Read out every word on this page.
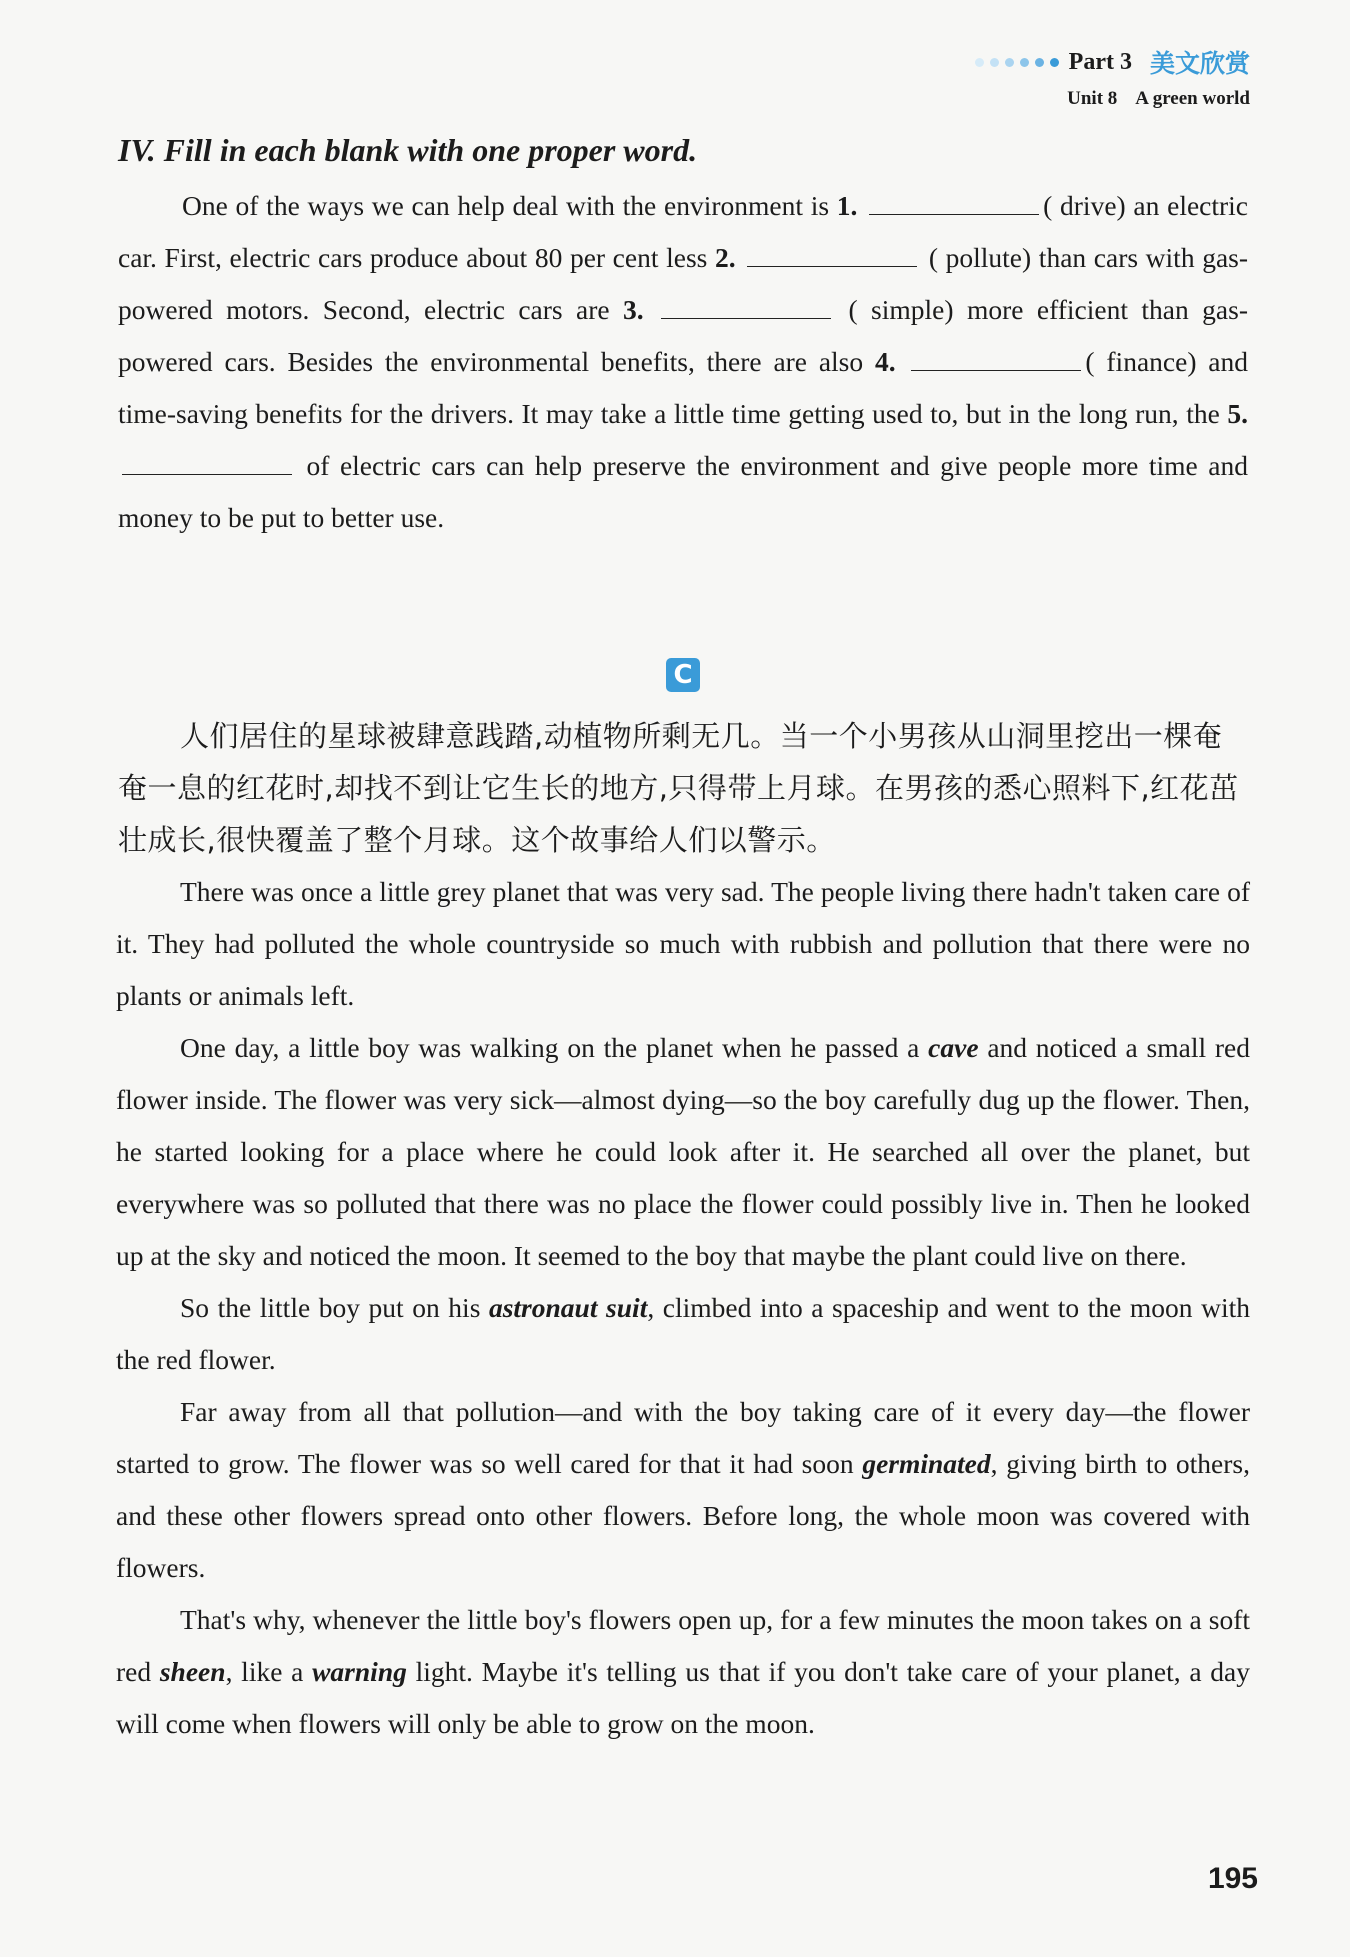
Part 3 美文欣赏
Unit 8 A green world
IV. Fill in each blank with one proper word.

One of the ways we can help deal with the environment is 1.	( drive) an electric car. First, electric cars produce about 80 per cent less 2.	( pollute) than cars with gas-powered motors. Second, electric cars are 3.	( simple) more efficient than gas-powered cars. Besides the environmental benefits, there are also 4.	( finance) and time-saving benefits for the drivers. It may take a little time getting used to, but in the long run, the 5.  of electric cars can help preserve the environment and give people more time and money to be put to better use.

C

人们居住的星球被肆意践踏,动植物所剩无几。当一个小男孩从山洞里挖出一棵奄奄一息的红花时,却找不到让它生长的地方,只得带上月球。在男孩的悉心照料下,红花茁壮成长,很快覆盖了整个月球。这个故事给人们以警示。

There was once a little grey planet that was very sad. The people living there hadn't taken care of it. They had polluted the whole countryside so much with rubbish and pollution that there were no plants or animals left.

One day, a little boy was walking on the planet when he passed a cave and noticed a small red flower inside. The flower was very sick—almost dying—so the boy carefully dug up the flower. Then, he started looking for a place where he could look after it. He searched all over the planet, but everywhere was so polluted that there was no place the flower could possibly live in. Then he looked up at the sky and noticed the moon. It seemed to the boy that maybe the plant could live on there.

So the little boy put on his astronaut suit, climbed into a spaceship and went to the moon with the red flower.

Far away from all that pollution—and with the boy taking care of it every day—the flower started to grow. The flower was so well cared for that it had soon germinated, giving birth to others, and these other flowers spread onto other flowers. Before long, the whole moon was covered with flowers.

That's why, whenever the little boy's flowers open up, for a few minutes the moon takes on a soft red sheen, like a warning light. Maybe it's telling us that if you don't take care of your planet, a day will come when flowers will only be able to grow on the moon.

195
